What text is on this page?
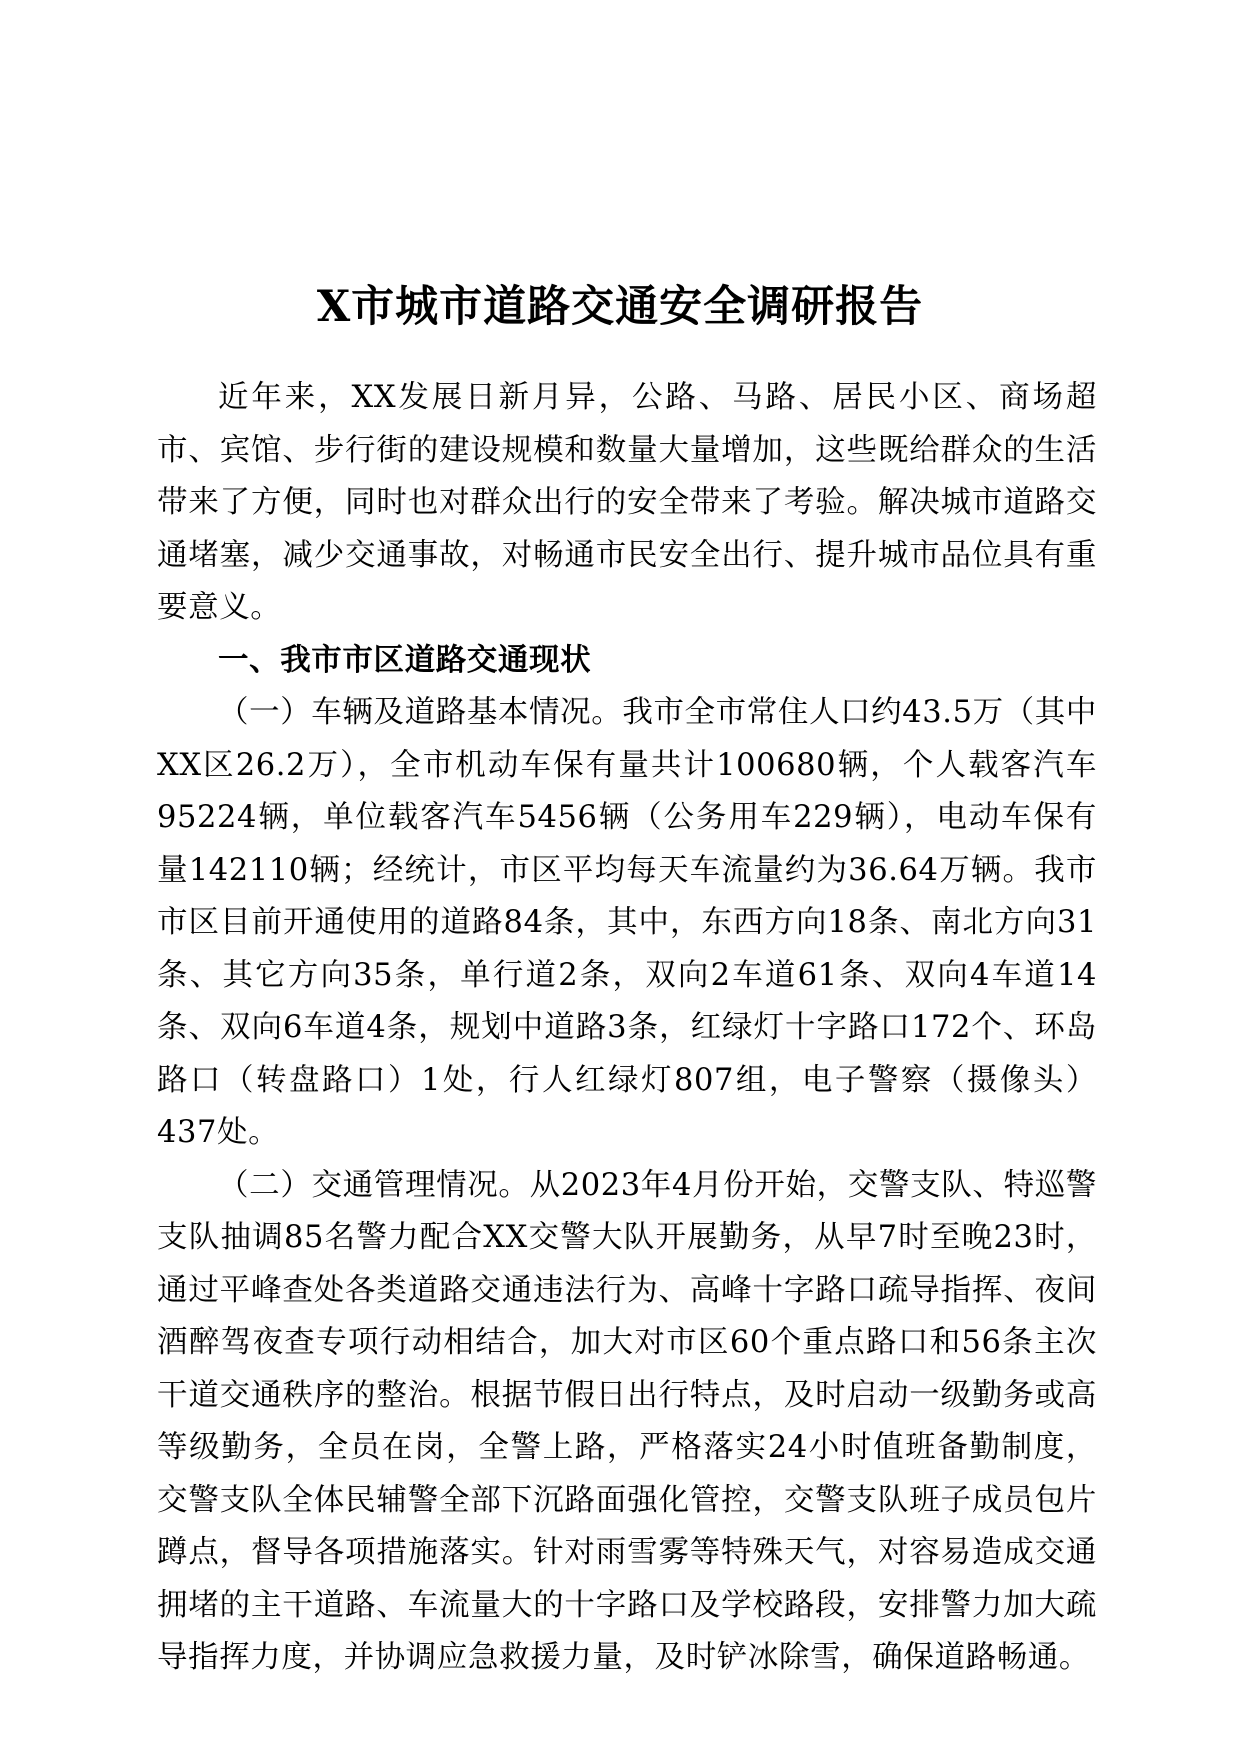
X市城市道路交通安全调研报告

近年来，XX发展日新月异，公路、马路、居民小区、商场超市、宾馆、步行街的建设规模和数量大量增加，这些既给群众的生活带来了方便，同时也对群众出行的安全带来了考验。解决城市道路交通堵塞，减少交通事故，对畅通市民安全出行、提升城市品位具有重要意义。

一、我市市区道路交通现状

（一）车辆及道路基本情况。我市全市常住人口约43.5万（其中XX区26.2万），全市机动车保有量共计100680辆，个人载客汽车95224辆，单位载客汽车5456辆（公务用车229辆），电动车保有量142110辆；经统计，市区平均每天车流量约为36.64万辆。我市市区目前开通使用的道路84条，其中，东西方向18条、南北方向31条、其它方向35条，单行道2条，双向2车道61条、双向4车道14条、双向6车道4条，规划中道路3条，红绿灯十字路口172个、环岛路口（转盘路口）1处，行人红绿灯807组，电子警察（摄像头）437处。

（二）交通管理情况。从2023年4月份开始，交警支队、特巡警支队抽调85名警力配合XX交警大队开展勤务，从早7时至晚23时，通过平峰查处各类道路交通违法行为、高峰十字路口疏导指挥、夜间酒醉驾夜查专项行动相结合，加大对市区60个重点路口和56条主次干道交通秩序的整治。根据节假日出行特点，及时启动一级勤务或高等级勤务，全员在岗，全警上路，严格落实24小时值班备勤制度，交警支队全体民辅警全部下沉路面强化管控，交警支队班子成员包片蹲点，督导各项措施落实。针对雨雪雾等特殊天气，对容易造成交通拥堵的主干道路、车流量大的十字路口及学校路段，安排警力加大疏导指挥力度，并协调应急救援力量，及时铲冰除雪，确保道路畅通。
